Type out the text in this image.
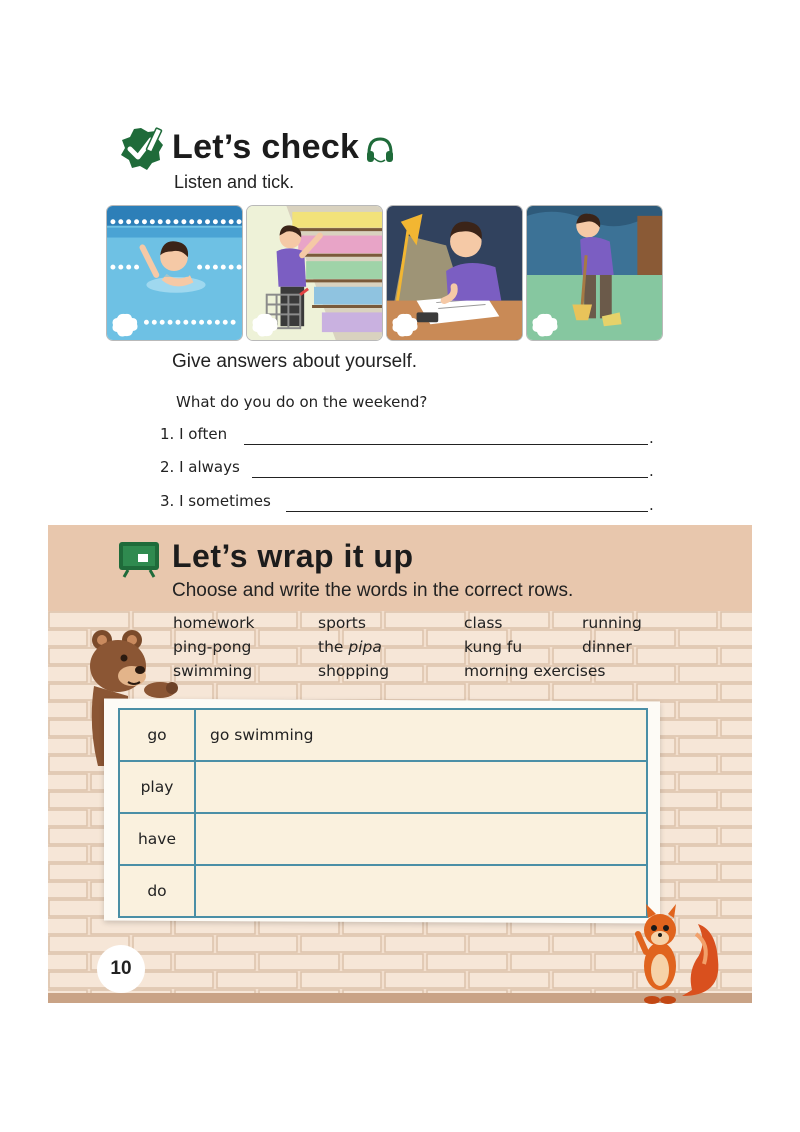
Let’s check
Listen and tick.
Give answers about yourself.
What do you do on the weekend?
1. I often	.
2. I always	.
3. I sometimes	.
Let’s wrap it up
Choose and write the words in the correct rows.
homework	sports	class	running
ping-pong	the pipa	kung fu	dinner
swimming	shopping	morning exercises
go	go swimming
play	
have	
do	
10
